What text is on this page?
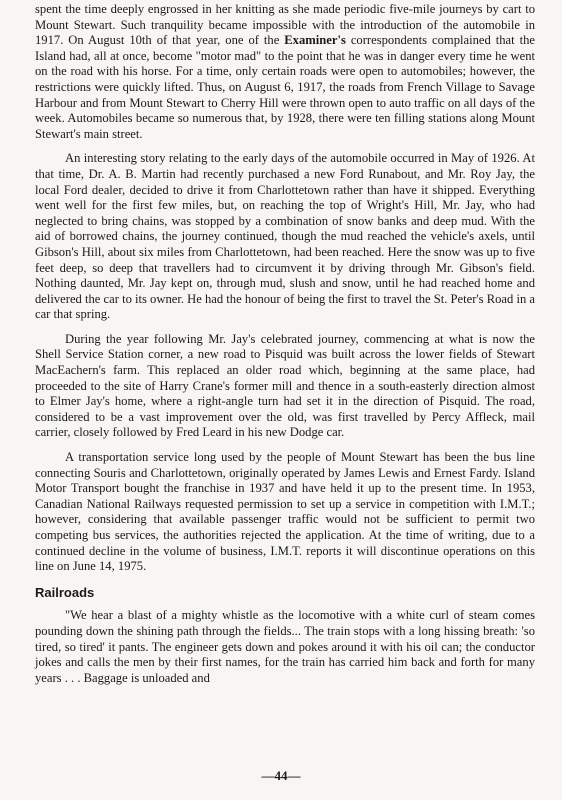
spent the time deeply engrossed in her knitting as she made periodic five-mile journeys by cart to Mount Stewart. Such tranquility became impossible with the introduction of the automobile in 1917. On August 10th of that year, one of the Examiner's correspondents complained that the Island had, all at once, become "motor mad" to the point that he was in danger every time he went on the road with his horse. For a time, only certain roads were open to automobiles; however, the restrictions were quickly lifted. Thus, on August 6, 1917, the roads from French Village to Savage Harbour and from Mount Stewart to Cherry Hill were thrown open to auto traffic on all days of the week. Automobiles became so numerous that, by 1928, there were ten filling stations along Mount Stewart's main street.

An interesting story relating to the early days of the automobile occurred in May of 1926. At that time, Dr. A. B. Martin had recently purchased a new Ford Runabout, and Mr. Roy Jay, the local Ford dealer, decided to drive it from Charlottetown rather than have it shipped. Everything went well for the first few miles, but, on reaching the top of Wright's Hill, Mr. Jay, who had neglected to bring chains, was stopped by a combination of snow banks and deep mud. With the aid of borrowed chains, the journey continued, though the mud reached the vehicle's axels, until Gibson's Hill, about six miles from Charlottetown, had been reached. Here the snow was up to five feet deep, so deep that travellers had to circumvent it by driving through Mr. Gibson's field. Nothing daunted, Mr. Jay kept on, through mud, slush and snow, until he had reached home and delivered the car to its owner. He had the honour of being the first to travel the St. Peter's Road in a car that spring.

During the year following Mr. Jay's celebrated journey, commencing at what is now the Shell Service Station corner, a new road to Pisquid was built across the lower fields of Stewart MacEachern's farm. This replaced an older road which, beginning at the same place, had proceeded to the site of Harry Crane's former mill and thence in a south-easterly direction almost to Elmer Jay's home, where a right-angle turn had set it in the direction of Pisquid. The road, considered to be a vast improvement over the old, was first travelled by Percy Affleck, mail carrier, closely followed by Fred Leard in his new Dodge car.

A transportation service long used by the people of Mount Stewart has been the bus line connecting Souris and Charlottetown, originally operated by James Lewis and Ernest Fardy. Island Motor Transport bought the franchise in 1937 and have held it up to the present time. In 1953, Canadian National Railways requested permission to set up a service in competition with I.M.T.; however, considering that available passenger traffic would not be sufficient to permit two competing bus services, the authorities rejected the application. At the time of writing, due to a continued decline in the volume of business, I.M.T. reports it will discontinue operations on this line on June 14, 1975.

Railroads

"We hear a blast of a mighty whistle as the locomotive with a white curl of steam comes pounding down the shining path through the fields... The train stops with a long hissing breath: 'so tired, so tired' it pants. The engineer gets down and pokes around it with his oil can; the conductor jokes and calls the men by their first names, for the train has carried him back and forth for many years . . . Baggage is unloaded and

—44—
